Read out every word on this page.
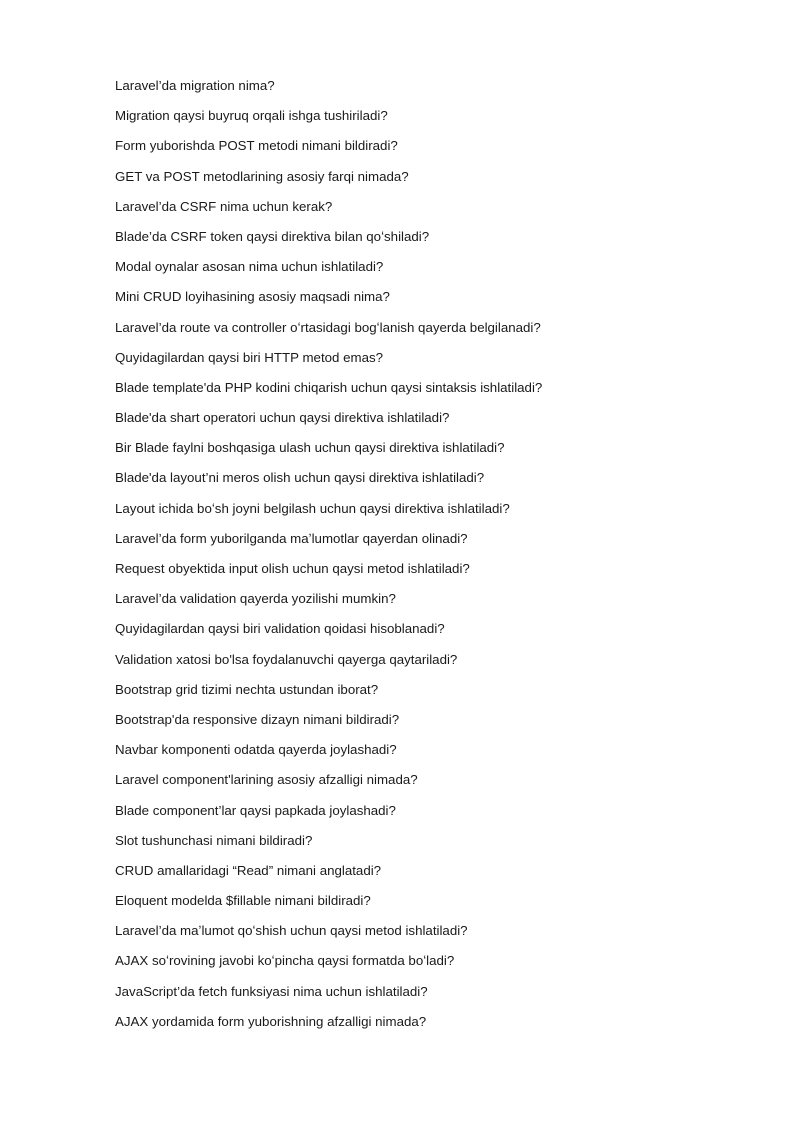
Laravel’da migration nima?
Migration qaysi buyruq orqali ishga tushiriladi?
Form yuborishda POST metodi nimani bildiradi?
GET va POST metodlarining asosiy farqi nimada?
Laravel’da CSRF nima uchun kerak?
Blade’da CSRF token qaysi direktiva bilan qoʻshiladi?
Modal oynalar asosan nima uchun ishlatiladi?
Mini CRUD loyihasining asosiy maqsadi nima?
Laravel’da route va controller oʻrtasidagi bogʻlanish qayerda belgilanadi?
Quyidagilardan qaysi biri HTTP metod emas?
Blade template'da PHP kodini chiqarish uchun qaysi sintaksis ishlatiladi?
Blade'da shart operatori uchun qaysi direktiva ishlatiladi?
Bir Blade faylni boshqasiga ulash uchun qaysi direktiva ishlatiladi?
Blade'da layout’ni meros olish uchun qaysi direktiva ishlatiladi?
Layout ichida boʻsh joyni belgilash uchun qaysi direktiva ishlatiladi?
Laravel’da form yuborilganda maʼlumotlar qayerdan olinadi?
Request obyektida input olish uchun qaysi metod ishlatiladi?
Laravel’da validation qayerda yozilishi mumkin?
Quyidagilardan qaysi biri validation qoidasi hisoblanadi?
Validation xatosi bo'lsa foydalanuvchi qayerga qaytariladi?
Bootstrap grid tizimi nechta ustundan iborat?
Bootstrap'da responsive dizayn nimani bildiradi?
Navbar komponenti odatda qayerda joylashadi?
Laravel component'larining asosiy afzalligi nimada?
Blade component’lar qaysi papkada joylashadi?
Slot tushunchasi nimani bildiradi?
CRUD amallaridagi “Read” nimani anglatadi?
Eloquent modelda $fillable nimani bildiradi?
Laravel’da maʼlumot qoʻshish uchun qaysi metod ishlatiladi?
AJAX soʻrovining javobi koʻpincha qaysi formatda boʻladi?
JavaScript’da fetch funksiyasi nima uchun ishlatiladi?
AJAX yordamida form yuborishning afzalligi nimada?
